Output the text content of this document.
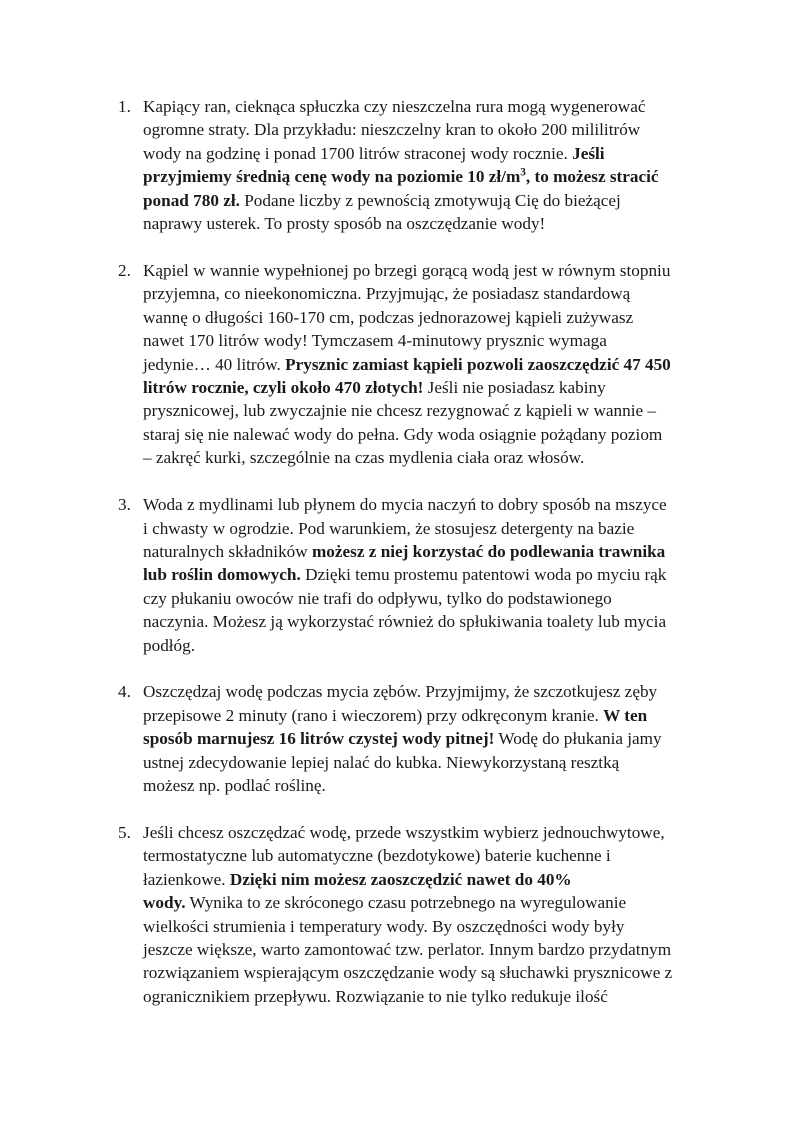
1. Kapiący ran, cieknąca spłuczka czy nieszczelna rura mogą wygenerować
ogromne straty. Dla przykładu: nieszczelny kran to około 200 mililitrów
wody na godzinę i ponad 1700 litrów straconej wody rocznie. Jeśli
przyjmiemy średnią cenę wody na poziomie 10 $zł/m^3$, to możesz stracić
ponad 780 zł. Podane liczby z pewnością zmotywują Cię do bieżącej
naprawy usterek. To prosty sposób na oszczędzanie wody!
2. Kąpiel w wannie wypełnionej po brzegi gorącą wodą jest w równym stopniu
przyjemna, co nieekonomiczna. Przyjmując, że posiadasz standardową
wannę o długości 160-170 cm, podczas jednorazowej kąpieli zużywasz
nawet 170 litrów wody! Tymczasem 4-minutowy prysznic wymaga
jedynie… 40 litrów. Prysznic zamiast kąpieli pozwoli zaoszczędzić 47 450
litrów rocznie, czyli około 470 złotych! Jeśli nie posiadasz kabiny
prysznicowej, lub zwyczajnie nie chcesz rezygnować z kąpieli w wannie –
staraj się nie nalewać wody do pełna. Gdy woda osiągnie pożądany poziom
– zakręć kurki, szczególnie na czas mydlenia ciała oraz włosów.
3. Woda z mydlinami lub płynem do mycia naczyń to dobry sposób na mszyce
i chwasty w ogrodzie. Pod warunkiem, że stosujesz detergenty na bazie
naturalnych składników możesz z niej korzystać do podlewania trawnika
lub roślin domowych. Dzięki temu prostemu patentowi woda po myciu rąk
czy płukaniu owoców nie trafi do odpływu, tylko do podstawionego
naczynia. Możesz ją wykorzystać również do spłukiwania toalety lub mycia
podłóg.
4. Oszczędzaj wodę podczas mycia zębów. Przyjmijmy, że szczotkujesz zęby
przepisowe 2 minuty (rano i wieczorem) przy odkręconym kranie. W ten
sposób marnujesz 16 litrów czystej wody pitnej! Wodę do płukania jamy
ustnej zdecydowanie lepiej nalać do kubka. Niewykorzystaną resztką
możesz np. podlać roślinę.
5. Jeśli chcesz oszczędzać wodę, przede wszystkim wybierz jednouchwytowe,
termostatyczne lub automatyczne (bezdotykowe) baterie kuchenne i
łazienkowe. Dzięki nim możesz zaoszczędzić nawet do 40%
wody. Wynika to ze skróconego czasu potrzebnego na wyregulowanie
wielkości strumienia i temperatury wody. By oszczędności wody były
jeszcze większe, warto zamontować tzw. perlator. Innym bardzo przydatnym
rozwiązaniem wspierającym oszczędzanie wody są słuchawki prysznicowe z
ogranicznikiem przepływu. Rozwiązanie to nie tylko redukuje ilość
